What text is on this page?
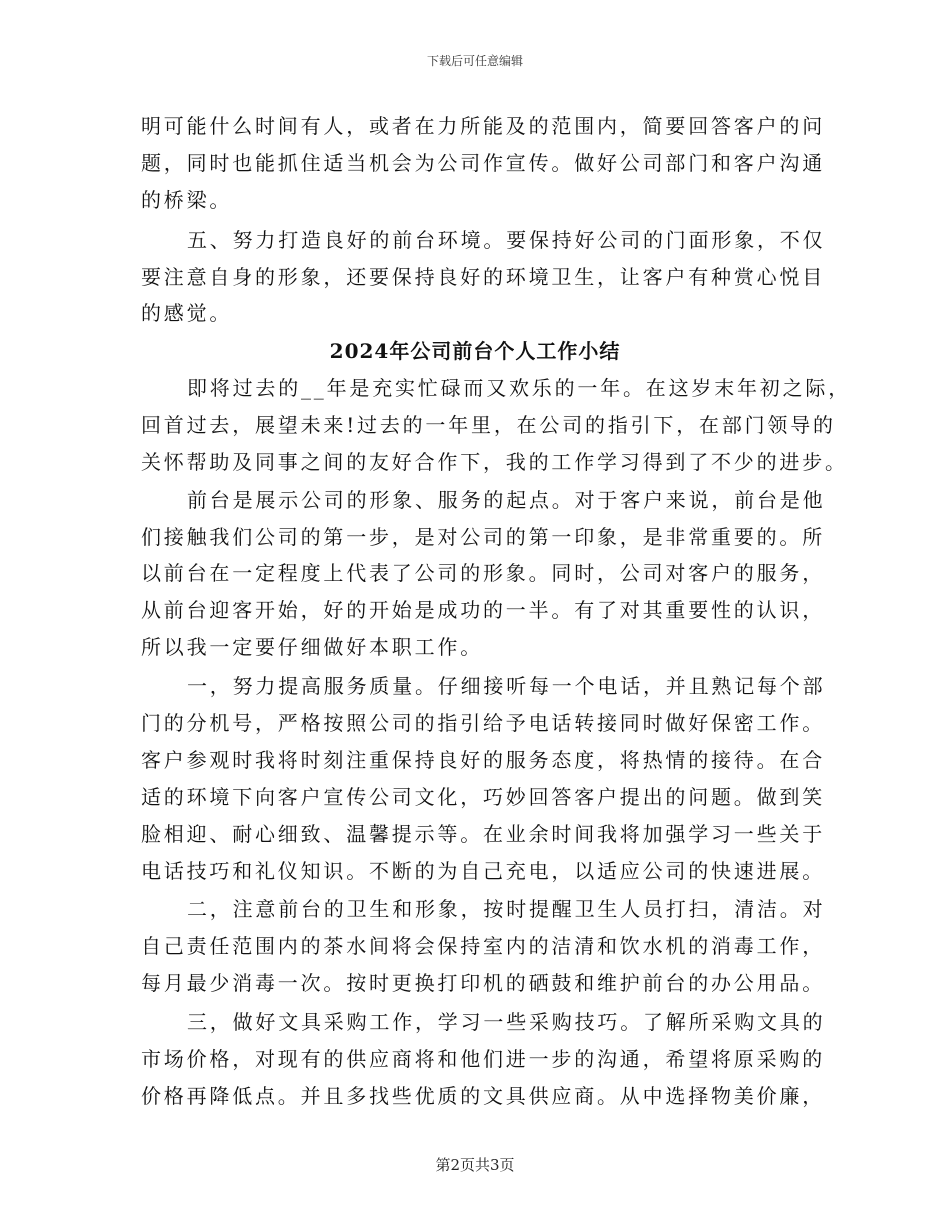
下载后可任意编辑
明可能什么时间有人，或者在力所能及的范围内，简要回答客户的问
题，同时也能抓住适当机会为公司作宣传。做好公司部门和客户沟通
的桥梁。
五、努力打造良好的前台环境。要保持好公司的门面形象，不仅
要注意自身的形象，还要保持良好的环境卫生，让客户有种赏心悦目
的感觉。
2024年公司前台个人工作小结
即将过去的__年是充实忙碌而又欢乐的一年。在这岁末年初之际，
回首过去，展望未来!过去的一年里，在公司的指引下，在部门领导的
关怀帮助及同事之间的友好合作下，我的工作学习得到了不少的进步。
前台是展示公司的形象、服务的起点。对于客户来说，前台是他
们接触我们公司的第一步，是对公司的第一印象，是非常重要的。所
以前台在一定程度上代表了公司的形象。同时，公司对客户的服务，
从前台迎客开始，好的开始是成功的一半。有了对其重要性的认识，
所以我一定要仔细做好本职工作。
一，努力提高服务质量。仔细接听每一个电话，并且熟记每个部
门的分机号，严格按照公司的指引给予电话转接同时做好保密工作。
客户参观时我将时刻注重保持良好的服务态度，将热情的接待。在合
适的环境下向客户宣传公司文化，巧妙回答客户提出的问题。做到笑
脸相迎、耐心细致、温馨提示等。在业余时间我将加强学习一些关于
电话技巧和礼仪知识。不断的为自己充电，以适应公司的快速进展。
二，注意前台的卫生和形象，按时提醒卫生人员打扫，清洁。对
自己责任范围内的茶水间将会保持室内的洁清和饮水机的消毒工作，
每月最少消毒一次。按时更换打印机的硒鼓和维护前台的办公用品。
三，做好文具采购工作，学习一些采购技巧。了解所采购文具的
市场价格，对现有的供应商将和他们进一步的沟通，希望将原采购的
价格再降低点。并且多找些优质的文具供应商。从中选择物美价廉，
第2页共3页
